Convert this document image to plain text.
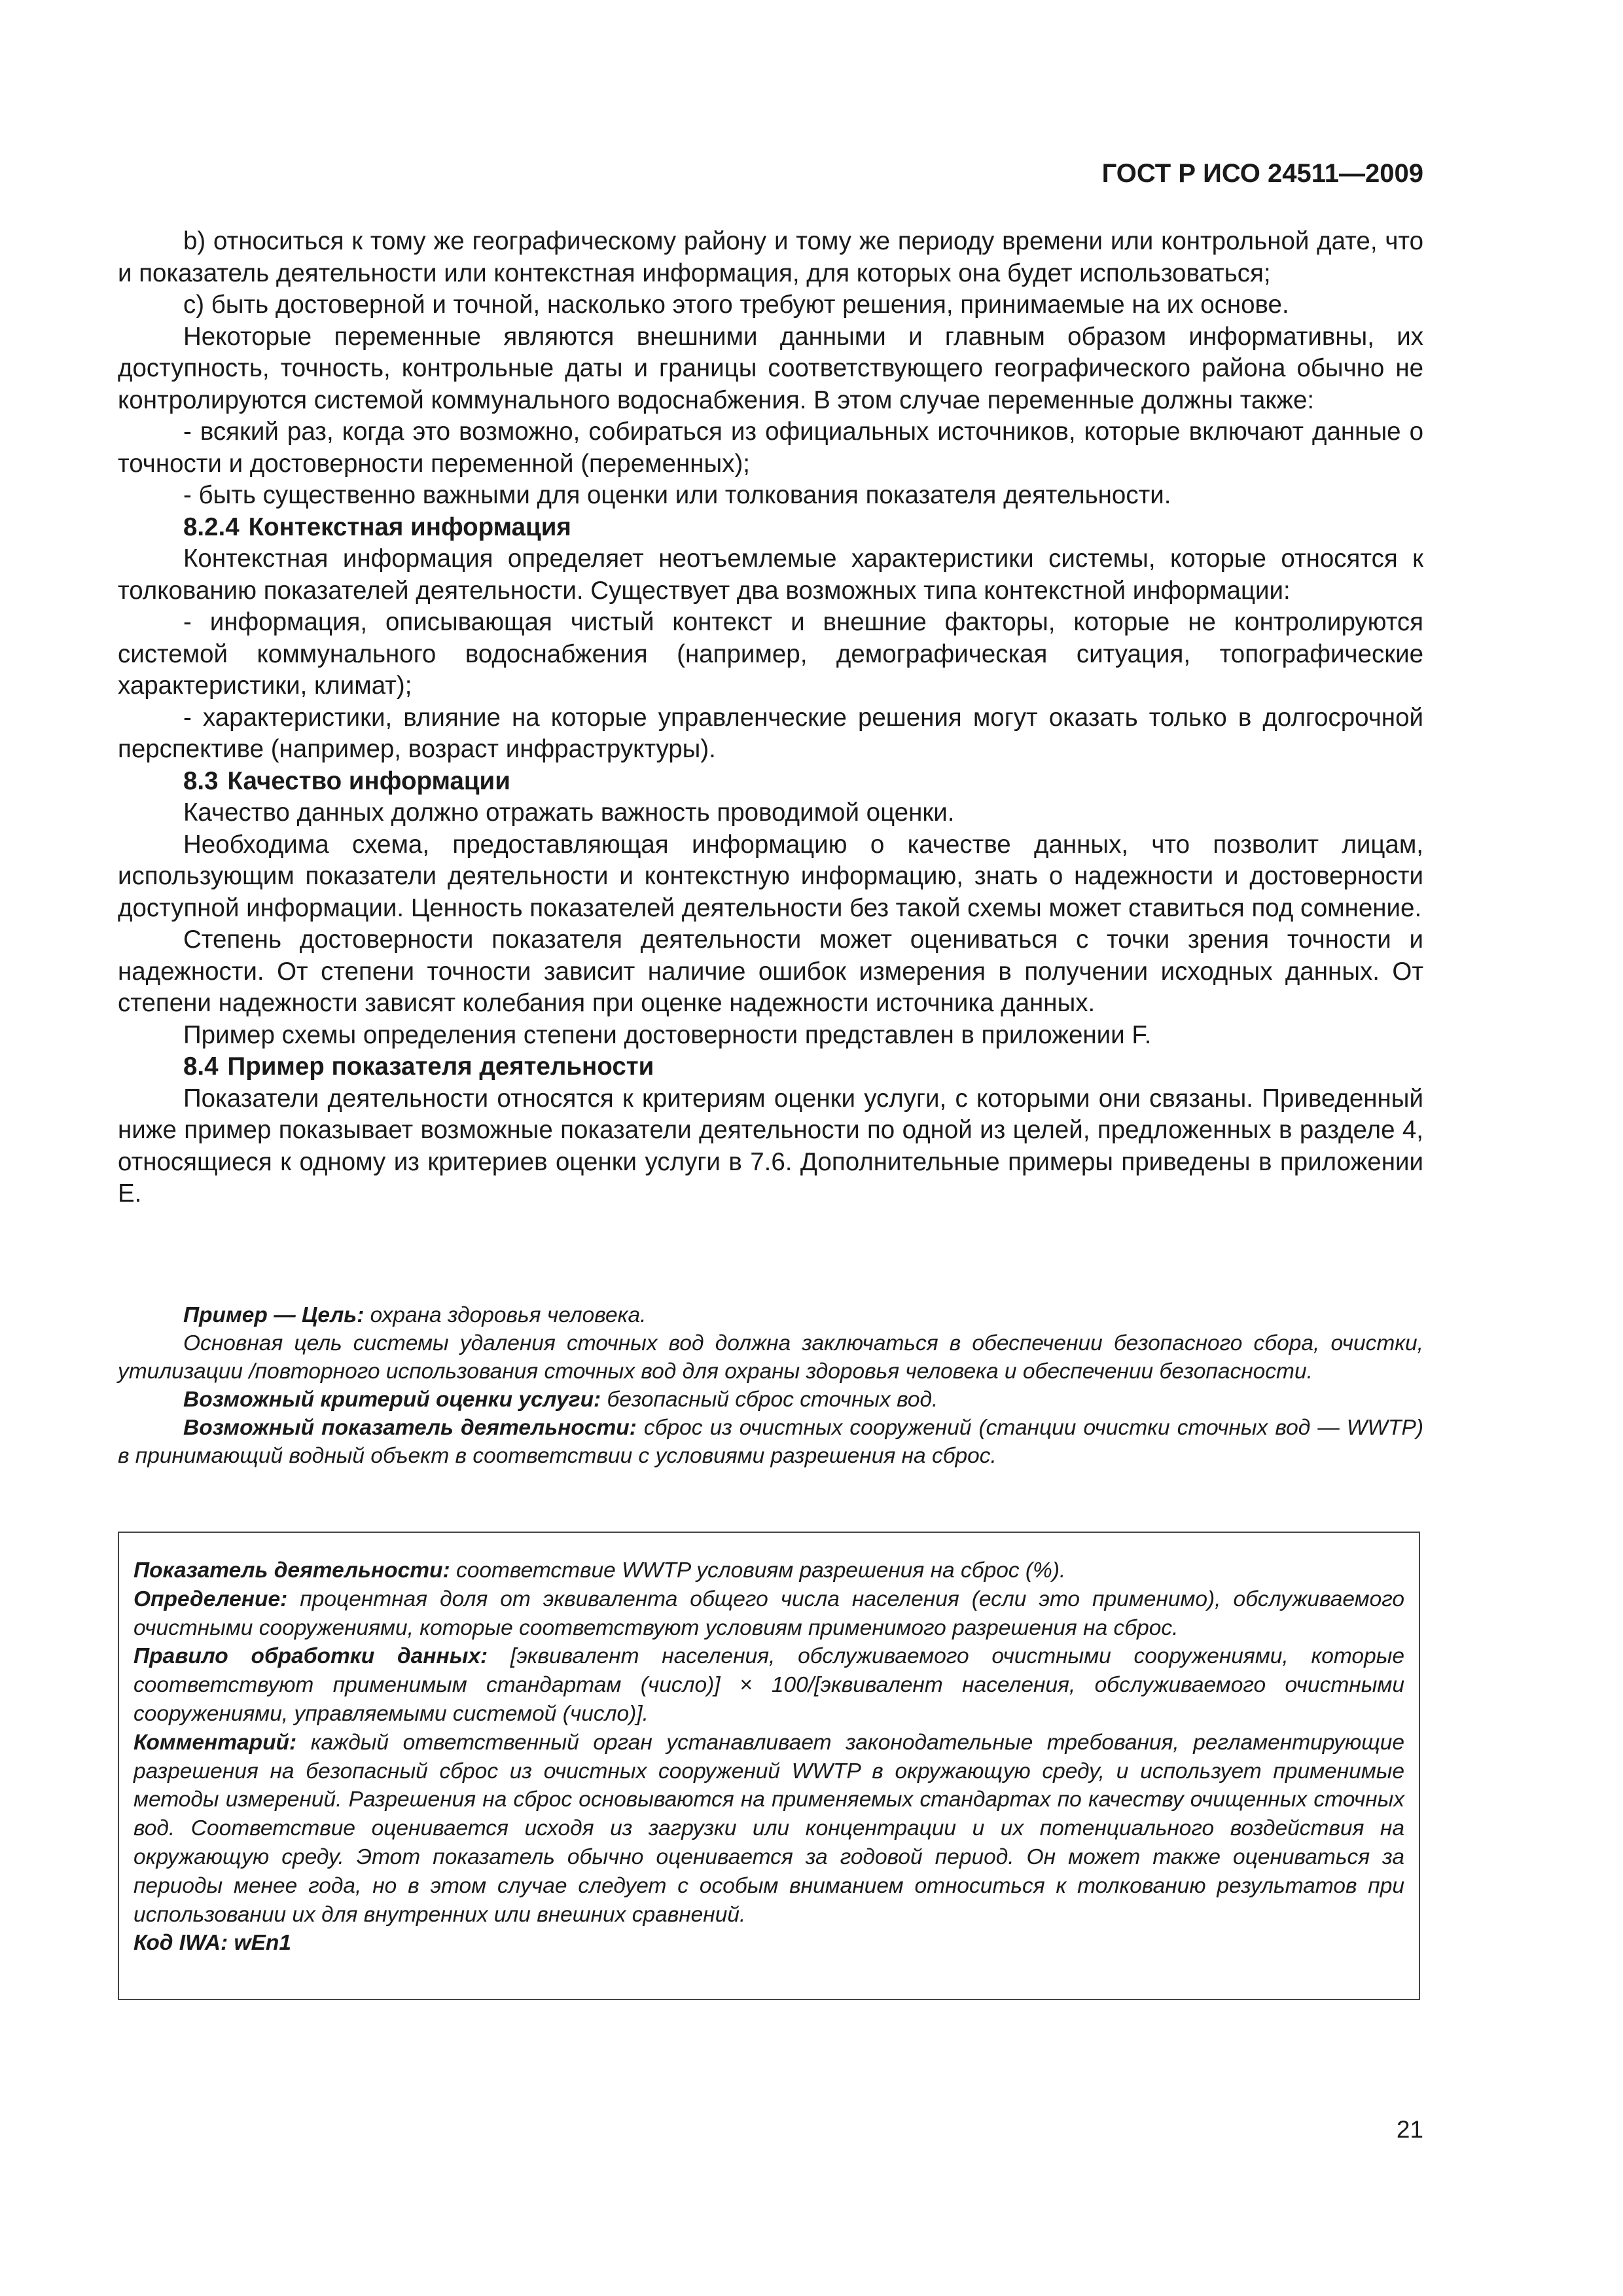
ГОСТ Р ИСО 24511—2009

b) относиться к тому же географическому району и тому же периоду времени или контрольной дате, что и показатель деятельности или контекстная информация, для которых она будет использоваться;

c) быть достоверной и точной, насколько этого требуют решения, принимаемые на их основе.

Некоторые переменные являются внешними данными и главным образом информативны, их доступность, точность, контрольные даты и границы соответствующего географического района обычно не контролируются системой коммунального водоснабжения. В этом случае переменные должны также:

- всякий раз, когда это возможно, собираться из официальных источников, которые включают данные о точности и достоверности переменной (переменных);

- быть существенно важными для оценки или толкования показателя деятельности.

8.2.4 Контекстная информация

Контекстная информация определяет неотъемлемые характеристики системы, которые относятся к толкованию показателей деятельности. Существует два возможных типа контекстной информации:

- информация, описывающая чистый контекст и внешние факторы, которые не контролируются системой коммунального водоснабжения (например, демографическая ситуация, топографические характеристики, климат);

- характеристики, влияние на которые управленческие решения могут оказать только в долгосрочной перспективе (например, возраст инфраструктуры).

8.3 Качество информации

Качество данных должно отражать важность проводимой оценки.

Необходима схема, предоставляющая информацию о качестве данных, что позволит лицам, использующим показатели деятельности и контекстную информацию, знать о надежности и достоверности доступной информации. Ценность показателей деятельности без такой схемы может ставиться под сомнение.

Степень достоверности показателя деятельности может оцениваться с точки зрения точности и надежности. От степени точности зависит наличие ошибок измерения в получении исходных данных. От степени надежности зависят колебания при оценке надежности источника данных.

Пример схемы определения степени достоверности представлен в приложении F.

8.4 Пример показателя деятельности

Показатели деятельности относятся к критериям оценки услуги, с которыми они связаны. Приведенный ниже пример показывает возможные показатели деятельности по одной из целей, предложенных в разделе 4, относящиеся к одному из критериев оценки услуги в 7.6. Дополнительные примеры приведены в приложении Е.

Пример — Цель: охрана здоровья человека.

Основная цель системы удаления сточных вод должна заключаться в обеспечении безопасного сбора, очистки, утилизации /повторного использования сточных вод для охраны здоровья человека и обеспечении безопасности.

Возможный критерий оценки услуги: безопасный сброс сточных вод.

Возможный показатель деятельности: сброс из очистных сооружений (станции очистки сточных вод — WWTP) в принимающий водный объект в соответствии с условиями разрешения на сброс.

Показатель деятельности: соответствие WWTP условиям разрешения на сброс (%).

Определение: процентная доля от эквивалента общего числа населения (если это применимо), обслуживаемого очистными сооружениями, которые соответствуют условиям применимого разрешения на сброс.

Правило обработки данных: [эквивалент населения, обслуживаемого очистными сооружениями, которые соответствуют применимым стандартам (число)] × 100/[эквивалент населения, обслуживаемого очистными сооружениями, управляемыми системой (число)].

Комментарий: каждый ответственный орган устанавливает законодательные требования, регламентирующие разрешения на безопасный сброс из очистных сооружений WWTP в окружающую среду, и использует применимые методы измерений. Разрешения на сброс основываются на применяемых стандартах по качеству очищенных сточных вод. Соответствие оценивается исходя из загрузки или концентрации и их потенциального воздействия на окружающую среду. Этот показатель обычно оценивается за годовой период. Он может также оцениваться за периоды менее года, но в этом случае следует с особым вниманием относиться к толкованию результатов при использовании их для внутренних или внешних сравнений.

Код IWA: wEn1

21
